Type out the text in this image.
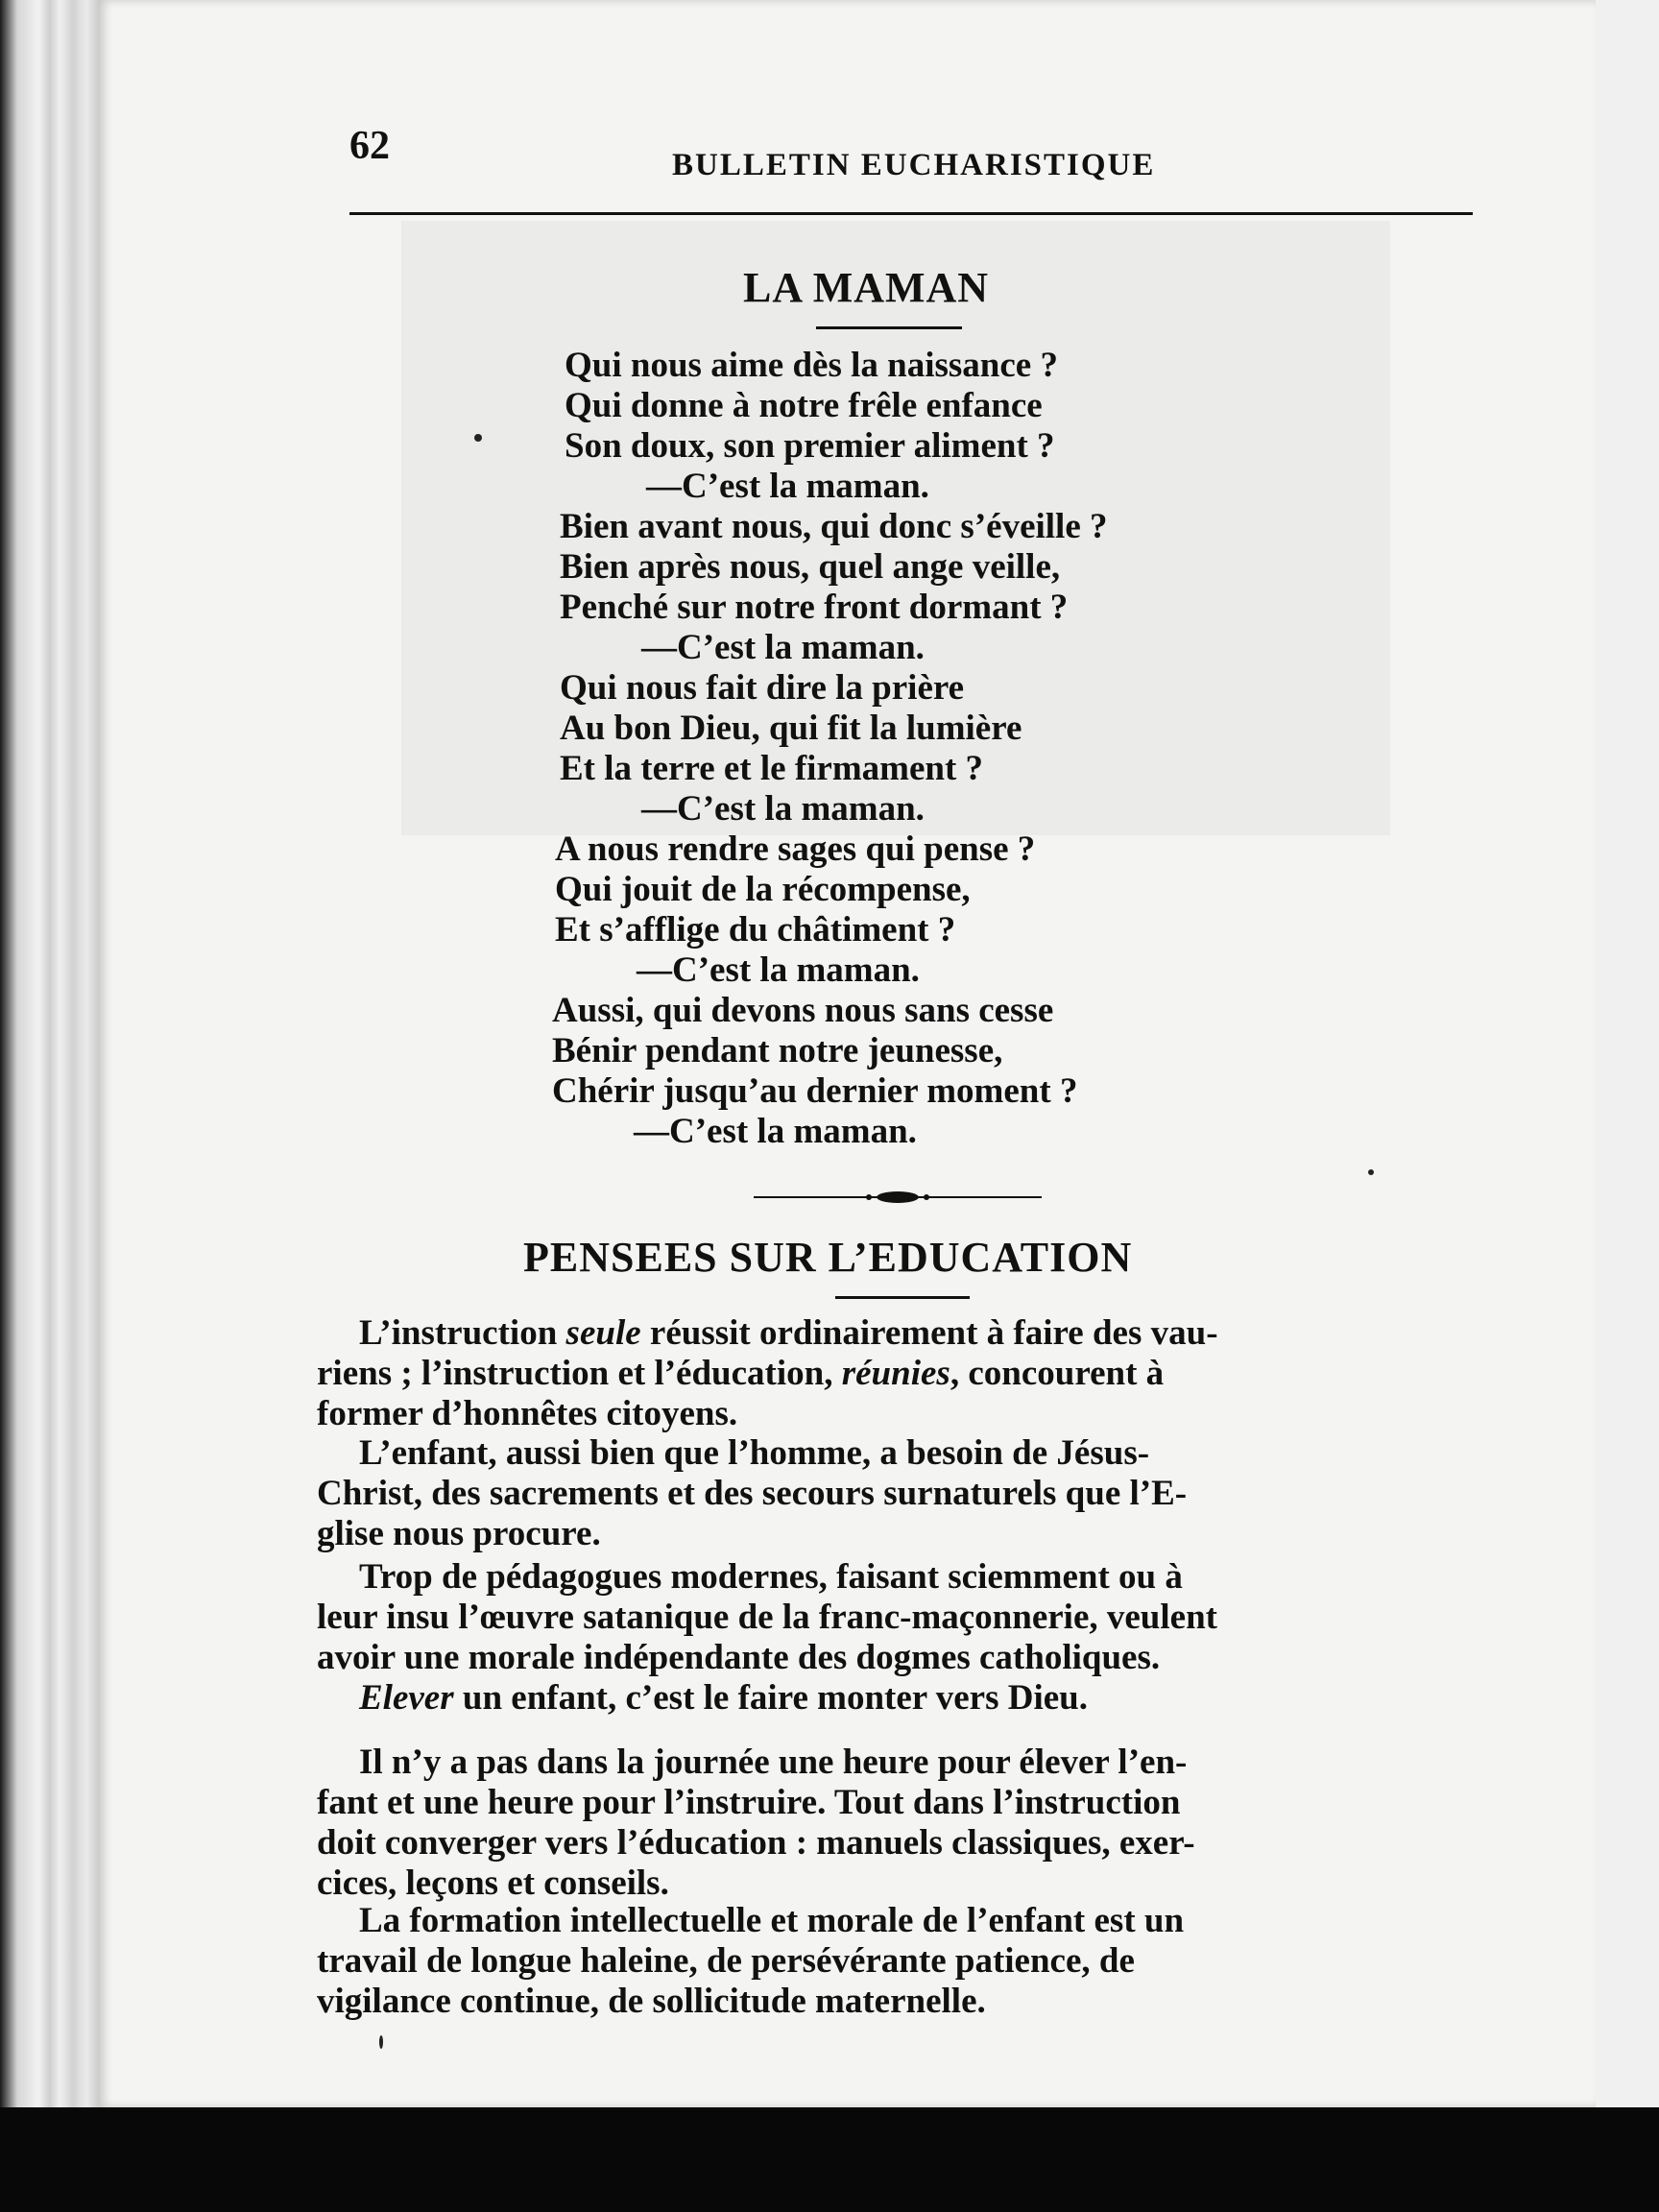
62	BULLETIN EUCHARISTIQUE
LA MAMAN
Qui nous aime dès la naissance ?
Qui donne à notre frêle enfance
Son doux, son premier aliment ?
—C’est la maman.
Bien avant nous, qui donc s’éveille ?
Bien après nous, quel ange veille,
Penché sur notre front dormant ?
—C’est la maman.
Qui nous fait dire la prière
Au bon Dieu, qui fit la lumière
Et la terre et le firmament ?
—C’est la maman.
A nous rendre sages qui pense ?
Qui jouit de la récompense,
Et s’afflige du châtiment ?
—C’est la maman.
Aussi, qui devons nous sans cesse
Bénir pendant notre jeunesse,
Chérir jusqu’au dernier moment ?
—C’est la maman.
PENSEES SUR L’EDUCATION
L’instruction seule réussit ordinairement à faire des vau-
riens ; l’instruction et l’éducation, réunies, concourent à
former d’honnêtes citoyens.
L’enfant, aussi bien que l’homme, a besoin de Jésus-
Christ, des sacrements et des secours surnaturels que l’E-
glise nous procure.
Trop de pédagogues modernes, faisant sciemment ou à
leur insu l’œuvre satanique de la franc-maçonnerie, veulent
avoir une morale indépendante des dogmes catholiques.
Elever un enfant, c’est le faire monter vers Dieu.
Il n’y a pas dans la journée une heure pour élever l’en-
fant et une heure pour l’instruire. Tout dans l’instruction
doit converger vers l’éducation : manuels classiques, exer-
cices, leçons et conseils.
La formation intellectuelle et morale de l’enfant est un
travail de longue haleine, de persévérante patience, de
vigilance continue, de sollicitude maternelle.
